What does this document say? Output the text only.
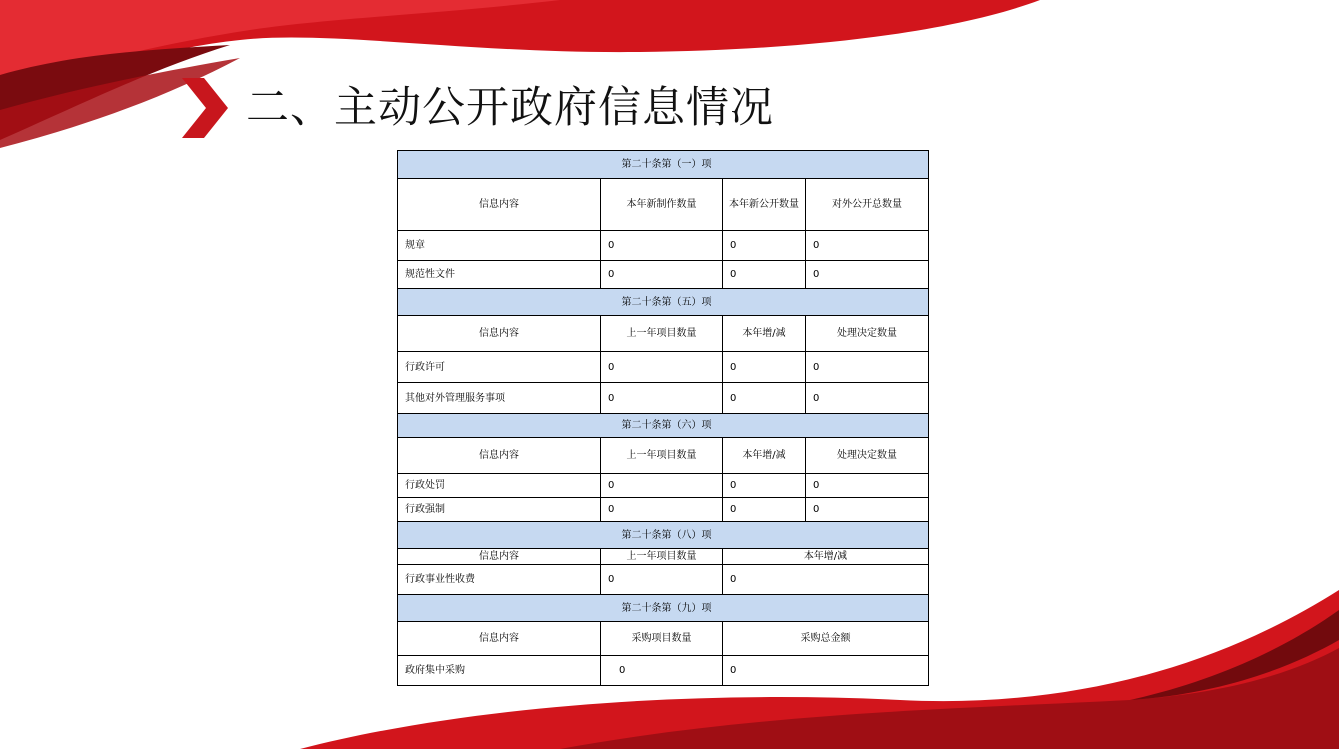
二、主动公开政府信息情况
第二十条第（一）项			
信息内容	本年新制作数量	本年新公开数量	对外公开总数量
规章	0	0	0
规范性文件	0	0	0
第二十条第（五）项			
信息内容	上一年项目数量	本年增/减	处理决定数量
行政许可	0	0	0
其他对外管理服务事项	0	0	0
第二十条第（六）项			
信息内容	上一年项目数量	本年增/减	处理决定数量
行政处罚	0	0	0
行政强制	0	0	0
第二十条第（八）项			
信息内容	上一年项目数量	本年增/减	
行政事业性收费	0	0	
第二十条第（九）项			
信息内容	采购项目数量	采购总金额	
政府集中采购	0	0	
